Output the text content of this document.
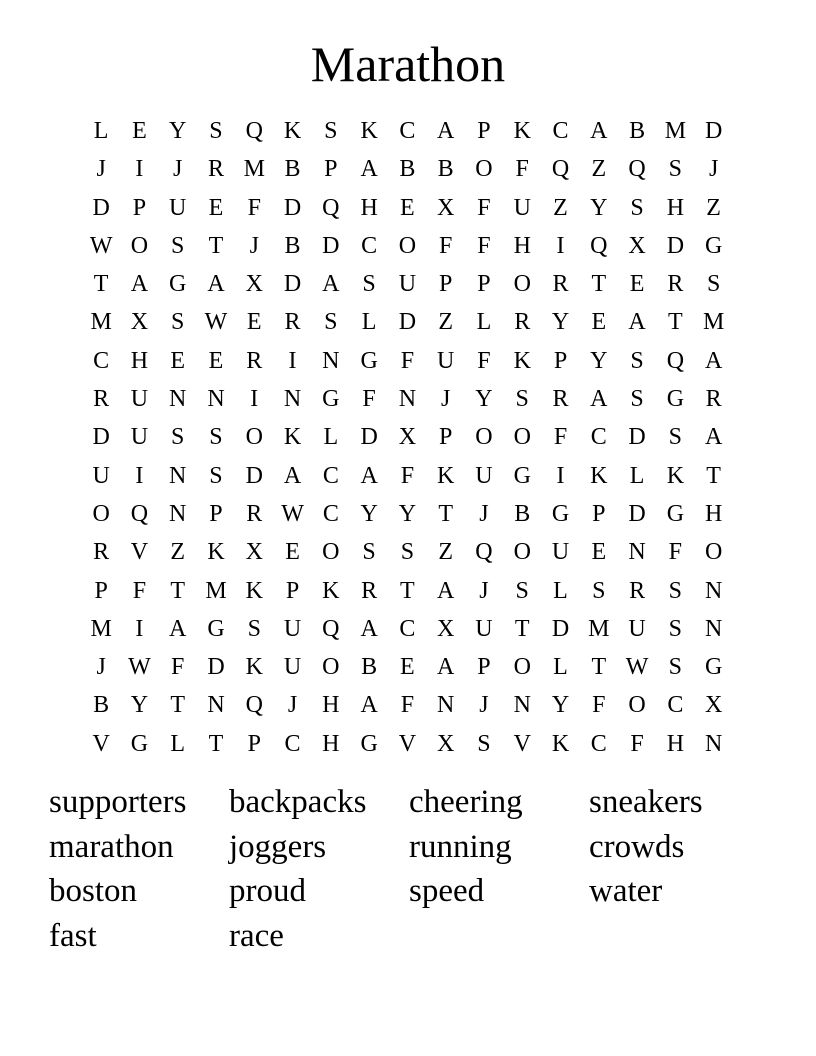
Marathon
L E Y S Q K S K C A P K C A B M D
J	I	J	R M B P A B B O F Q Z Q S	J
D P U E	F D Q H E X F U Z Y S H Z
W O S	T	J	B D C O F	F H	I	Q X D G
T A G A X D A S U P	P O R T E R S
M X S W E R S	L D Z L R Y E A T M
C H E E R	I	N G F U F K P Y S Q A
R U N N	I	N G F N	J	Y S R A S G R
D U S	S O K L D X P O O F C D S A
U	I	N S D A C A F K U G	I	K L K T
O Q N P R W C Y Y T	J	B G P D G H
R V Z K X E O S	S	Z Q O U E N F O
P	F	T M K P K R T A	J	S	L	S R S N
M I	A G S U Q A C X U T D M U S N
J W F D K U O B E A P O L T W S G
B Y T N Q	J	H A F N	J	N Y F O C X
V G L T	P C H G V X S V K C F H N
supporters	backpacks	cheering	sneakers
marathon	joggers	running	crowds
boston	proud	speed	water
fast	race
